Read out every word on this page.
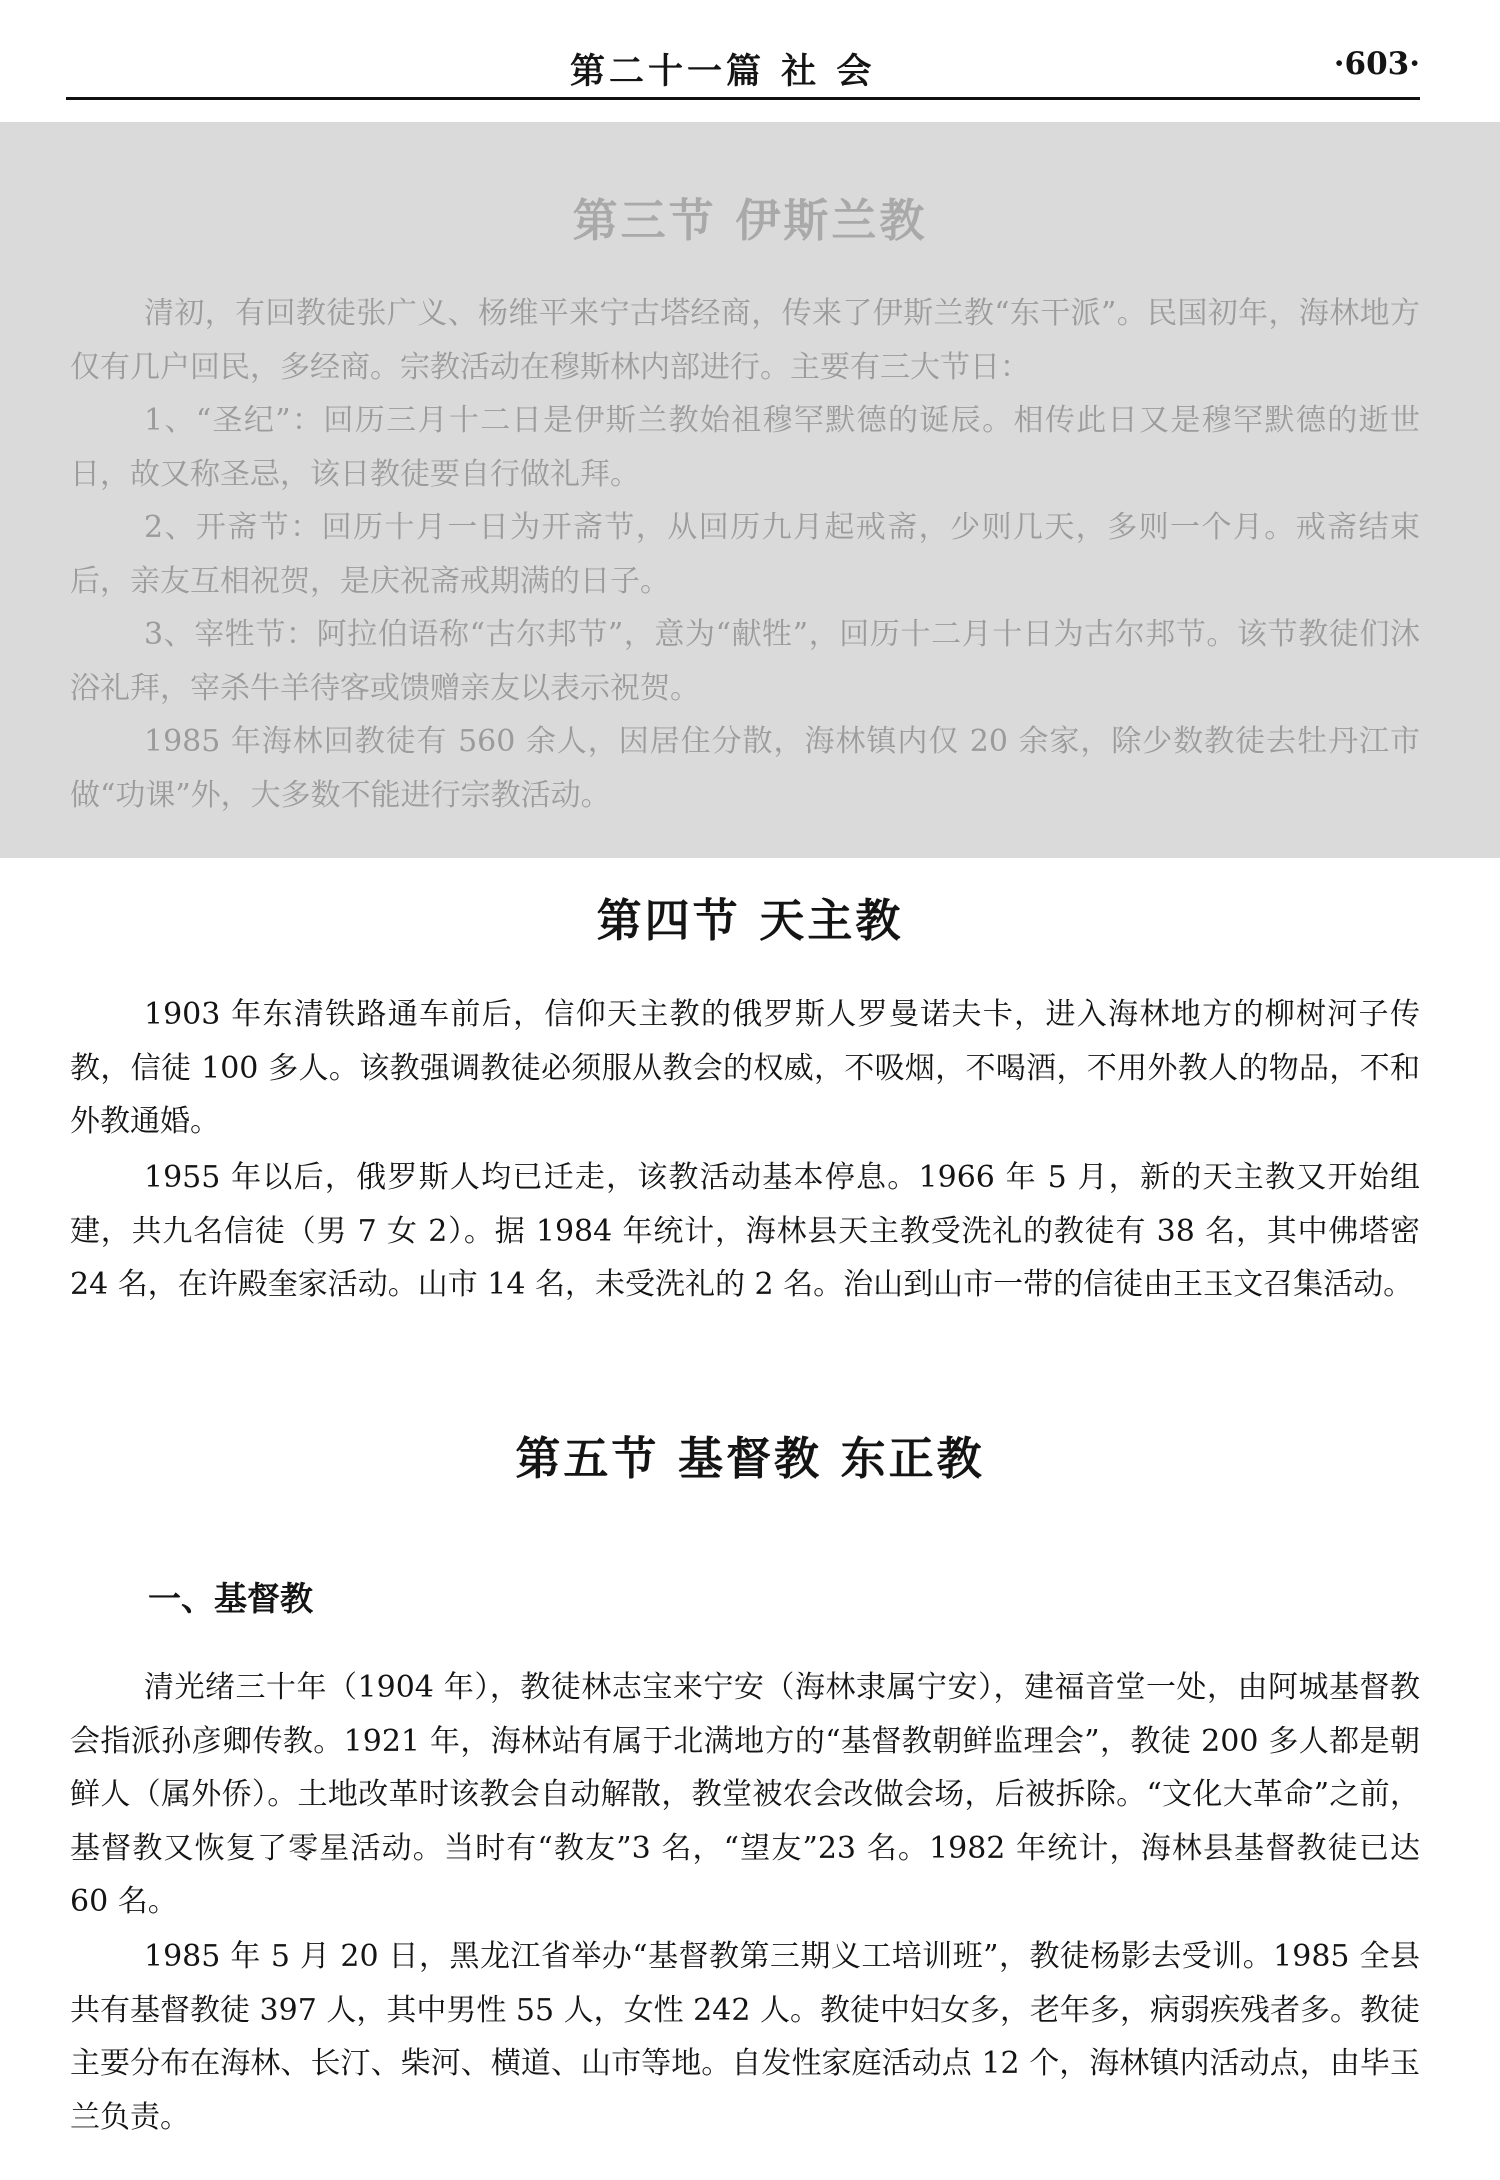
第二十一篇 社 会	·603·
第三节 伊斯兰教
清初，有回教徒张广义、杨维平来宁古塔经商，传来了伊斯兰教“东干派”。民国初年，海林地方仅有几户回民，多经商。宗教活动在穆斯林内部进行。主要有三大节日：
1、“圣纪”：回历三月十二日是伊斯兰教始祖穆罕默德的诞辰。相传此日又是穆罕默德的逝世日，故又称圣忌，该日教徒要自行做礼拜。
2、开斋节：回历十月一日为开斋节，从回历九月起戒斋，少则几天，多则一个月。戒斋结束后，亲友互相祝贺，是庆祝斋戒期满的日子。
3、宰牲节：阿拉伯语称“古尔邦节”，意为“献牲”，回历十二月十日为古尔邦节。该节教徒们沐浴礼拜，宰杀牛羊待客或馈赠亲友以表示祝贺。
1985 年海林回教徒有 560 余人，因居住分散，海林镇内仅 20 余家，除少数教徒去牡丹江市做“功课”外，大多数不能进行宗教活动。
第四节 天主教
1903 年东清铁路通车前后，信仰天主教的俄罗斯人罗曼诺夫卡，进入海林地方的柳树河子传教，信徒 100 多人。该教强调教徒必须服从教会的权威，不吸烟，不喝酒，不用外教人的物品，不和外教通婚。
1955 年以后，俄罗斯人均已迁走，该教活动基本停息。1966 年 5 月，新的天主教又开始组建，共九名信徒（男 7 女 2）。据 1984 年统计，海林县天主教受洗礼的教徒有 38 名，其中佛塔密 24 名，在许殿奎家活动。山市 14 名，未受洗礼的 2 名。治山到山市一带的信徒由王玉文召集活动。
第五节 基督教 东正教
一、基督教
清光绪三十年（1904 年），教徒林志宝来宁安（海林隶属宁安），建福音堂一处，由阿城基督教会指派孙彦卿传教。1921 年，海林站有属于北满地方的“基督教朝鲜监理会”，教徒 200 多人都是朝鲜人（属外侨）。土地改革时该教会自动解散，教堂被农会改做会场，后被拆除。“文化大革命”之前，基督教又恢复了零星活动。当时有“教友”3 名，“望友”23 名。1982 年统计，海林县基督教徒已达 60 名。
1985 年 5 月 20 日，黑龙江省举办“基督教第三期义工培训班”，教徒杨影去受训。1985 全县共有基督教徒 397 人，其中男性 55 人，女性 242 人。教徒中妇女多，老年多，病弱疾残者多。教徒主要分布在海林、长汀、柴河、横道、山市等地。自发性家庭活动点 12 个，海林镇内活动点，由毕玉兰负责。
